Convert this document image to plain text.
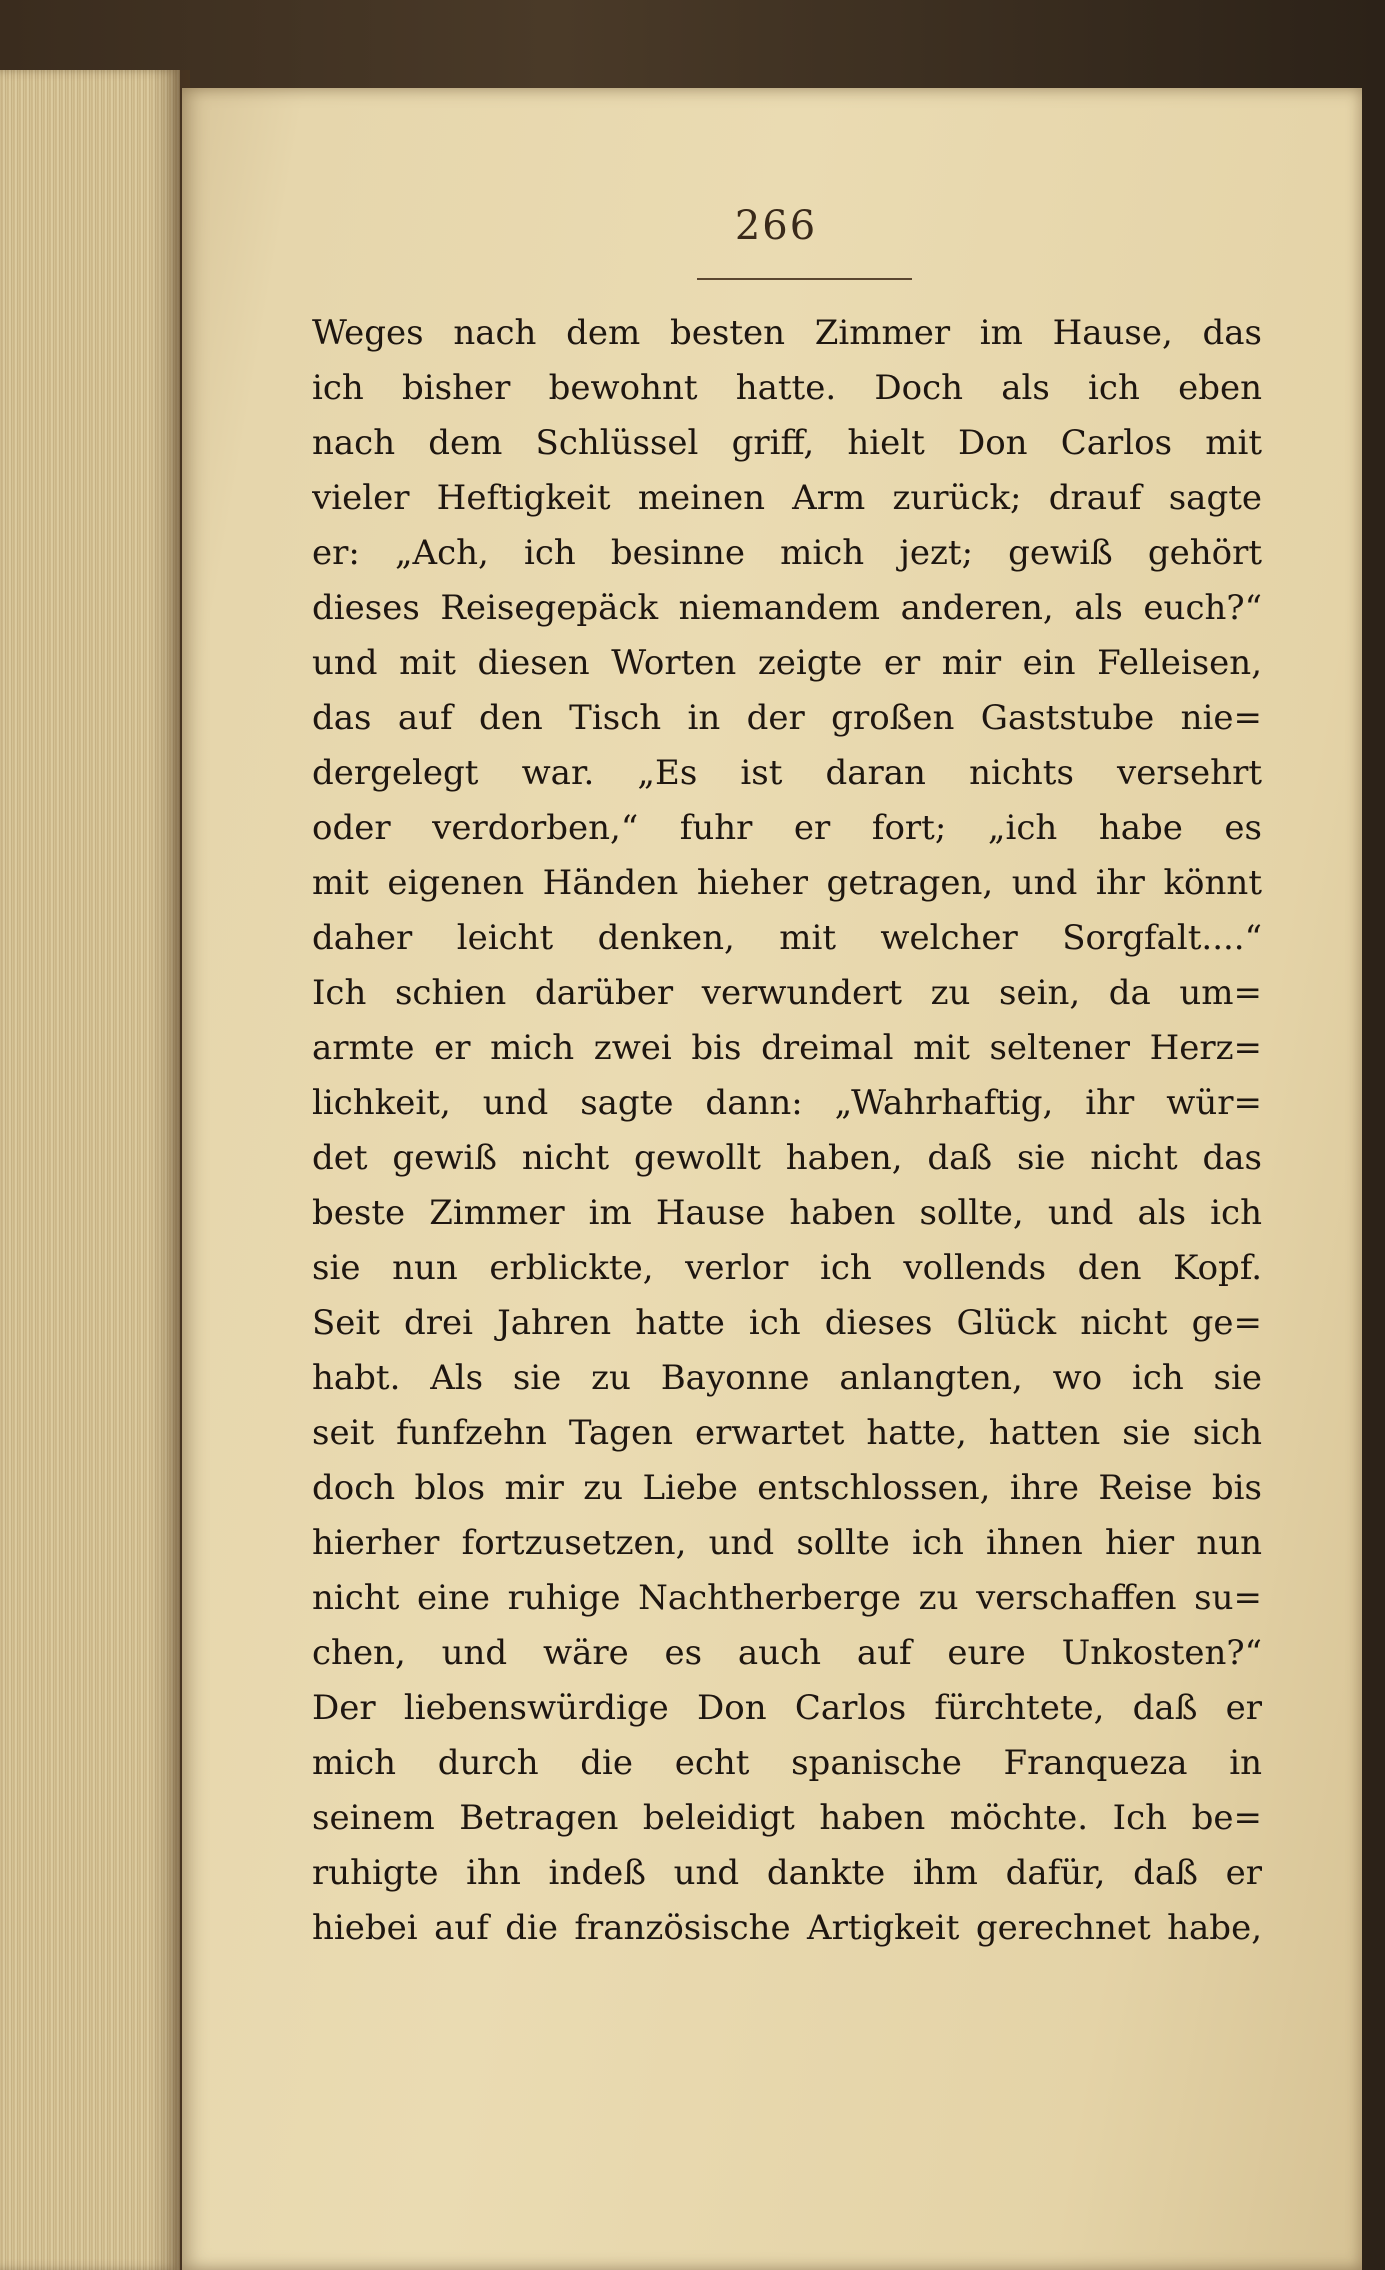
266
Weges nach dem besten Zimmer im Hause, das
ich bisher bewohnt hatte. Doch als ich eben
nach dem Schlüssel griff, hielt Don Carlos mit
vieler Heftigkeit meinen Arm zurück; drauf sagte
er: „Ach, ich besinne mich jezt; gewiß gehört
dieses Reisegepäck niemandem anderen, als euch?“
und mit diesen Worten zeigte er mir ein Felleisen,
das auf den Tisch in der großen Gaststube nie=
dergelegt war. „Es ist daran nichts versehrt
oder verdorben,“ fuhr er fort; „ich habe es
mit eigenen Händen hieher getragen, und ihr könnt
daher leicht denken, mit welcher Sorgfalt....“
Ich schien darüber verwundert zu sein, da um=
armte er mich zwei bis dreimal mit seltener Herz=
lichkeit, und sagte dann: „Wahrhaftig, ihr wür=
det gewiß nicht gewollt haben, daß sie nicht das
beste Zimmer im Hause haben sollte, und als ich
sie nun erblickte, verlor ich vollends den Kopf.
Seit drei Jahren hatte ich dieses Glück nicht ge=
habt. Als sie zu Bayonne anlangten, wo ich sie
seit funfzehn Tagen erwartet hatte, hatten sie sich
doch blos mir zu Liebe entschlossen, ihre Reise bis
hierher fortzusetzen, und sollte ich ihnen hier nun
nicht eine ruhige Nachtherberge zu verschaffen su=
chen, und wäre es auch auf eure Unkosten?“
Der liebenswürdige Don Carlos fürchtete, daß er
mich durch die echt spanische Franqueza in
seinem Betragen beleidigt haben möchte. Ich be=
ruhigte ihn indeß und dankte ihm dafür, daß er
hiebei auf die französische Artigkeit gerechnet habe,
